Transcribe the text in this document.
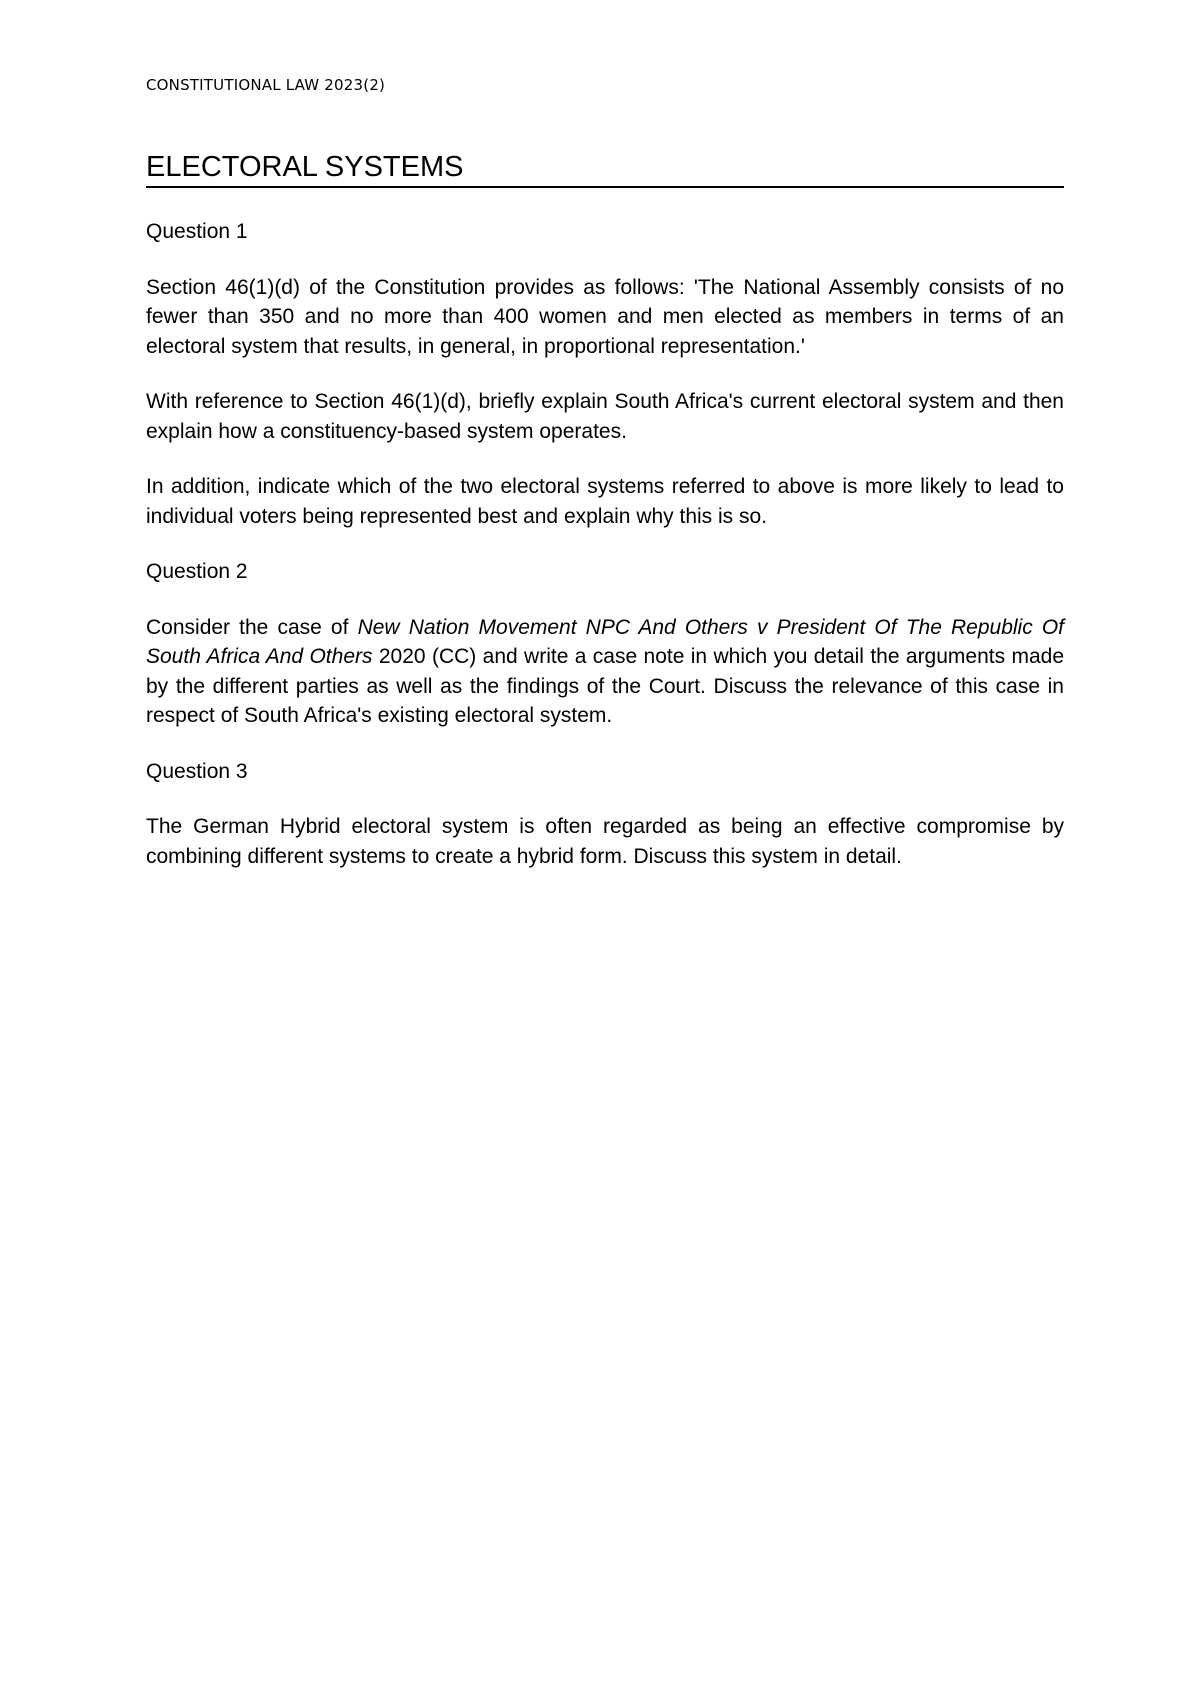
CONSTITUTIONAL LAW 2023(2)
ELECTORAL SYSTEMS

Question 1

Section 46(1)(d) of the Constitution provides as follows: 'The National Assembly consists of no fewer than 350 and no more than 400 women and men elected as members in terms of an electoral system that results, in general, in proportional representation.'

With reference to Section 46(1)(d), briefly explain South Africa's current electoral system and then explain how a constituency-based system operates.

In addition, indicate which of the two electoral systems referred to above is more likely to lead to individual voters being represented best and explain why this is so.

Question 2

Consider the case of New Nation Movement NPC And Others v President Of The Republic Of South Africa And Others 2020 (CC) and write a case note in which you detail the arguments made by the different parties as well as the findings of the Court. Discuss the relevance of this case in respect of South Africa's existing electoral system.

Question 3

The German Hybrid electoral system is often regarded as being an effective compromise by combining different systems to create a hybrid form. Discuss this system in detail.
